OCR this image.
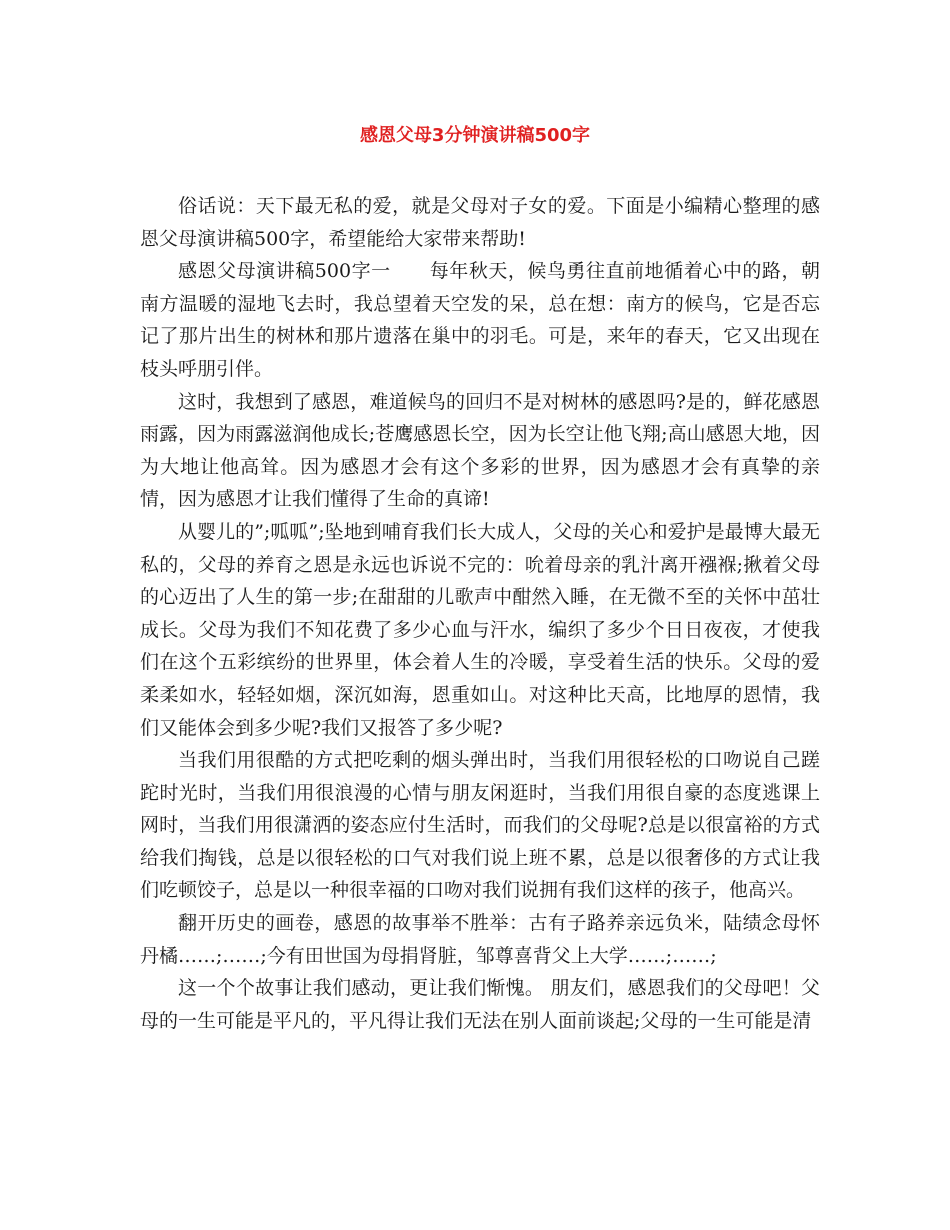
感恩父母3分钟演讲稿500字

俗话说：天下最无私的爱，就是父母对子女的爱。下面是小编精心整理的感恩父母演讲稿500字，希望能给大家带来帮助!

感恩父母演讲稿500字一　　每年秋天，候鸟勇往直前地循着心中的路，朝南方温暖的湿地飞去时，我总望着天空发的呆，总在想：南方的候鸟，它是否忘记了那片出生的树林和那片遗落在巢中的羽毛。可是，来年的春天，它又出现在枝头呼朋引伴。

这时，我想到了感恩，难道候鸟的回归不是对树林的感恩吗?是的，鲜花感恩雨露，因为雨露滋润他成长;苍鹰感恩长空，因为长空让他飞翔;高山感恩大地，因为大地让他高耸。因为感恩才会有这个多彩的世界，因为感恩才会有真挚的亲情，因为感恩才让我们懂得了生命的真谛!

从婴儿的”;呱呱”;坠地到哺育我们长大成人，父母的关心和爱护是最博大最无私的，父母的养育之恩是永远也诉说不完的：吮着母亲的乳汁离开襁褓;揪着父母的心迈出了人生的第一步;在甜甜的儿歌声中酣然入睡，在无微不至的关怀中茁壮成长。父母为我们不知花费了多少心血与汗水，编织了多少个日日夜夜，才使我们在这个五彩缤纷的世界里，体会着人生的冷暖，享受着生活的快乐。父母的爱柔柔如水，轻轻如烟，深沉如海，恩重如山。对这种比天高，比地厚的恩情，我们又能体会到多少呢?我们又报答了多少呢?

当我们用很酷的方式把吃剩的烟头弹出时，当我们用很轻松的口吻说自己蹉跎时光时，当我们用很浪漫的心情与朋友闲逛时，当我们用很自豪的态度逃课上网时，当我们用很潇洒的姿态应付生活时，而我们的父母呢?总是以很富裕的方式给我们掏钱，总是以很轻松的口气对我们说上班不累，总是以很奢侈的方式让我们吃顿饺子，总是以一种很幸福的口吻对我们说拥有我们这样的孩子，他高兴。

翻开历史的画卷，感恩的故事举不胜举：古有子路养亲远负米，陆绩念母怀丹橘……;……;今有田世国为母捐肾脏，邹尊喜背父上大学……;……;

这一个个故事让我们感动，更让我们惭愧。 朋友们，感恩我们的父母吧！父母的一生可能是平凡的，平凡得让我们无法在别人面前谈起;父母的一生可能是清
